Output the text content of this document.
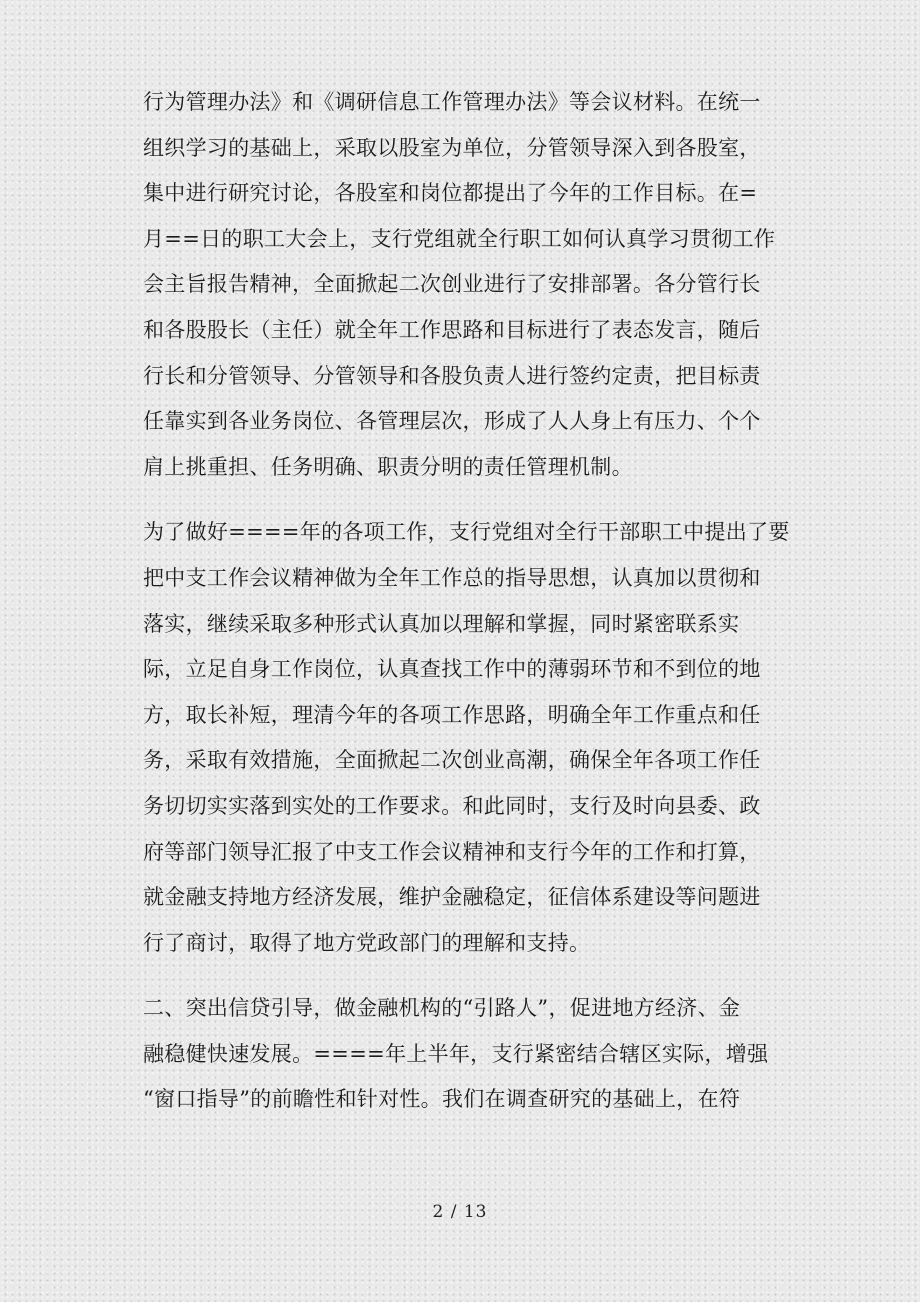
行为管理办法》和《调研信息工作管理办法》等会议材料。在统一
组织学习的基础上，采取以股室为单位，分管领导深入到各股室，
集中进行研究讨论，各股室和岗位都提出了今年的工作目标。在=
月==日的职工大会上，支行党组就全行职工如何认真学习贯彻工作
会主旨报告精神，全面掀起二次创业进行了安排部署。各分管行长
和各股股长（主任）就全年工作思路和目标进行了表态发言，随后
行长和分管领导、分管领导和各股负责人进行签约定责，把目标责
任靠实到各业务岗位、各管理层次，形成了人人身上有压力、个个
肩上挑重担、任务明确、职责分明的责任管理机制。

为了做好====年的各项工作，支行党组对全行干部职工中提出了要
把中支工作会议精神做为全年工作总的指导思想，认真加以贯彻和
落实，继续采取多种形式认真加以理解和掌握，同时紧密联系实
际，立足自身工作岗位，认真查找工作中的薄弱环节和不到位的地
方，取长补短，理清今年的各项工作思路，明确全年工作重点和任
务，采取有效措施，全面掀起二次创业高潮，确保全年各项工作任
务切切实实落到实处的工作要求。和此同时，支行及时向县委、政
府等部门领导汇报了中支工作会议精神和支行今年的工作和打算，
就金融支持地方经济发展，维护金融稳定，征信体系建设等问题进
行了商讨，取得了地方党政部门的理解和支持。

二、突出信贷引导，做金融机构的“引路人”，促进地方经济、金
融稳健快速发展。====年上半年，支行紧密结合辖区实际，增强
“窗口指导”的前瞻性和针对性。我们在调查研究的基础上，在符

2 / 13
